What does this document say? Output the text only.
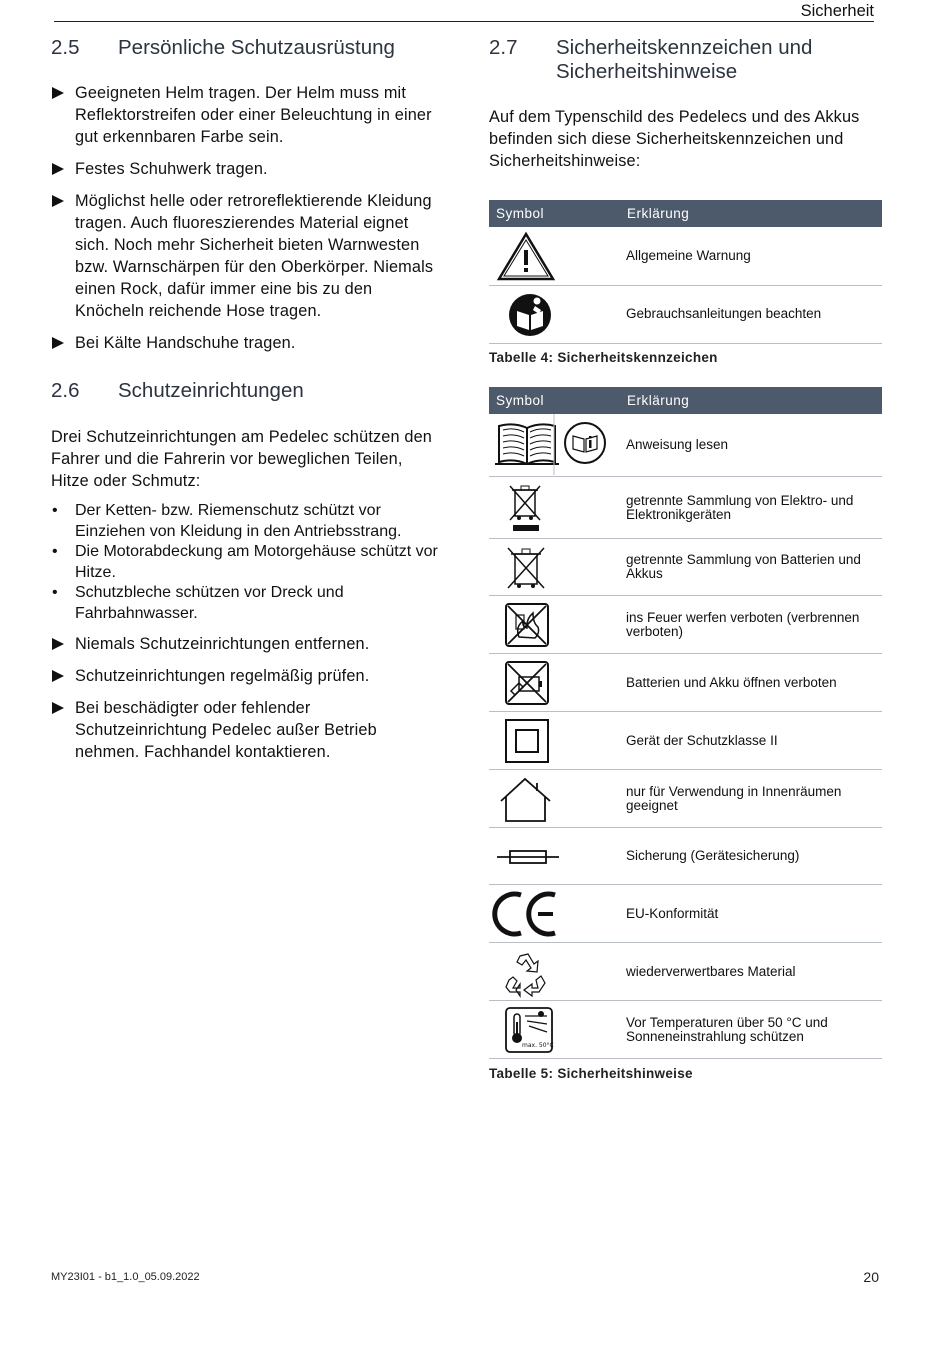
Sicherheit
2.5	Persönliche Schutzausrüstung
Geeigneten Helm tragen. Der Helm muss mit Reflektorstreifen oder einer Beleuchtung in einer gut erkennbaren Farbe sein.
Festes Schuhwerk tragen.
Möglichst helle oder retroreflektierende Kleidung tragen. Auch fluoreszierendes Material eignet sich. Noch mehr Sicherheit bieten Warnwesten bzw. Warnschärpen für den Oberkörper. Niemals einen Rock, dafür immer eine bis zu den Knöcheln reichende Hose tragen.
Bei Kälte Handschuhe tragen.
2.6	Schutzeinrichtungen

Drei Schutzeinrichtungen am Pedelec schützen den Fahrer und die Fahrerin vor beweglichen Teilen, Hitze oder Schmutz:

• Der Ketten- bzw. Riemenschutz schützt vor Einziehen von Kleidung in den Antriebsstrang.
• Die Motorabdeckung am Motorgehäuse schützt vor Hitze.
• Schutzbleche schützen vor Dreck und Fahrbahnwasser.
Niemals Schutzeinrichtungen entfernen.
Schutzeinrichtungen regelmäßig prüfen.
Bei beschädigter oder fehlender Schutzeinrichtung Pedelec außer Betrieb nehmen. Fachhandel kontaktieren.
2.7	Sicherheitskennzeichen und Sicherheitshinweise

Auf dem Typenschild des Pedelecs und des Akkus befinden sich diese Sicherheitskennzeichen und Sicherheitshinweise:

Symbol	Erklärung

	Allgemeine Warnung

	Gebrauchsanleitungen beachten
Tabelle 4: Sicherheitskennzeichen
Symbol	Erklärung

	Anweisung lesen

	getrennte Sammlung von Elektro- und Elektronikgeräten

	getrennte Sammlung von Batterien und Akkus

	ins Feuer werfen verboten (verbrennen verboten)

	Batterien und Akku öffnen verboten

	Gerät der Schutzklasse II

	nur für Verwendung in Innenräumen geeignet

	Sicherung (Gerätesicherung)

	EU-Konformität

	wiederverwertbares Material

max. 50°C	Vor Temperaturen über 50 °C und Sonneneinstrahlung schützen
Tabelle 5: Sicherheitshinweise
MY23I01 - b1_1.0_05.09.2022	20
